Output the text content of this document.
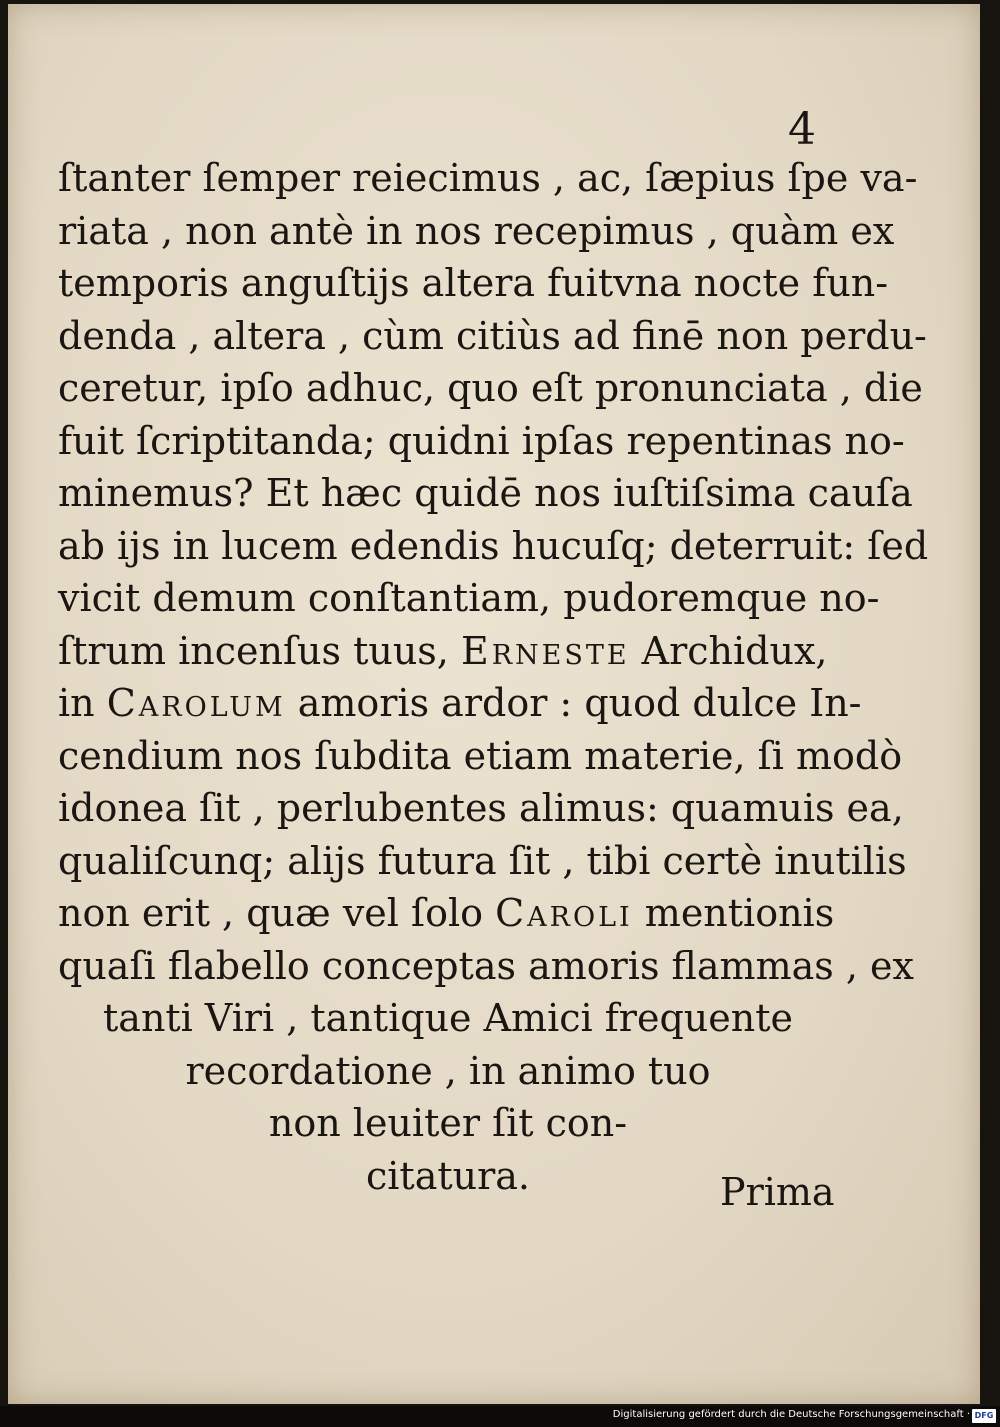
4
ſtanter ſemper reiecimus , ac, ſæpius ſpe va-
riata , non antè in nos recepimus , quàm ex
temporis anguſtijs altera fuitvna nocte fun-
denda , altera , cùm citiùs ad finē non perdu-
ceretur, ipſo adhuc, quo eſt pronunciata , die
fuit ſcriptitanda; quidni ipſas repentinas no-
minemus? Et hæc quidē nos iuſtiſsima cauſa
ab ijs in lucem edendis hucuſq; deterruit: ſed
vicit demum conſtantiam, pudoremque no-
ſtrum incenſus tuus, Erneste Archidux,
in Carolum amoris ardor : quod dulce In-
cendium nos ſubdita etiam materie, ſi modò
idonea ſit , perlubentes alimus: quamuis ea,
qualiſcunq; alijs futura ſit , tibi certè inutilis
non erit , quæ vel ſolo Caroli mentionis
quaſi flabello conceptas amoris flammas , ex
tanti Viri , tantique Amici frequente
recordatione , in animo tuo
non leuiter ſit con-
citatura.	Prima
Digitalisierung gefördert durch die Deutsche Forschungsgemeinschaft · DFG
